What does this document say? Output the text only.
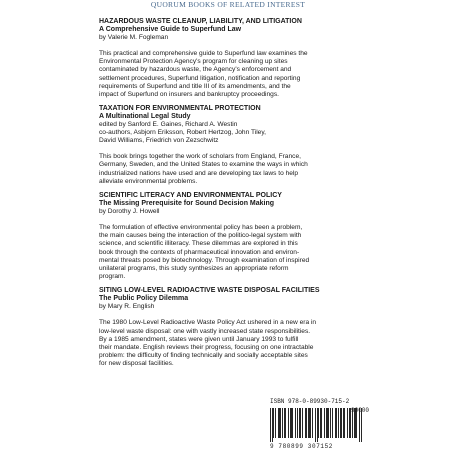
QUORUM BOOKS OF RELATED INTEREST
HAZARDOUS WASTE CLEANUP, LIABILITY, AND LITIGATION
A Comprehensive Guide to Superfund Law
by Valerie M. Fogleman
This practical and comprehensive guide to Superfund law examines the
Environmental Protection Agency's program for cleaning up sites
contaminated by hazardous waste, the Agency's enforcement and
settlement procedures, Superfund litigation, notification and reporting
requirements of Superfund and title III of its amendments, and the
impact of Superfund on insurers and bankruptcy proceedings.
TAXATION FOR ENVIRONMENTAL PROTECTION
A Multinational Legal Study
edited by Sanford E. Gaines, Richard A. Westin
co-authors, Asbjorn Eriksson, Robert Hertzog, John Tiley,
David Williams, Friedrich von Zezschwitz
This book brings together the work of scholars from England, France,
Germany, Sweden, and the United States to examine the ways in which
industrialized nations have used and are developing tax laws to help
alleviate environmental problems.
SCIENTIFIC LITERACY AND ENVIRONMENTAL POLICY
The Missing Prerequisite for Sound Decision Making
by Dorothy J. Howell
The formulation of effective environmental policy has been a problem,
the main causes being the interaction of the politico-legal system with
science, and scientific illiteracy. These dilemmas are explored in this
book through the contexts of pharmaceutical innovation and environ-
mental threats posed by biotechnology. Through examination of inspired
unilateral programs, this study synthesizes an appropriate reform
program.
SITING LOW-LEVEL RADIOACTIVE WASTE DISPOSAL FACILITIES
The Public Policy Dilemma
by Mary R. English
The 1980 Low-Level Radioactive Waste Policy Act ushered in a new era in
low-level waste disposal: one with vastly increased state responsibilities.
By a 1985 amendment, states were given until January 1993 to fulfill
their mandate. English reviews their progress, focusing on one intractable
problem: the difficulty of finding technically and socially acceptable sites
for new disposal facilities.
ISBN 978-0-89930-715-2
90000
9 780899 307152
